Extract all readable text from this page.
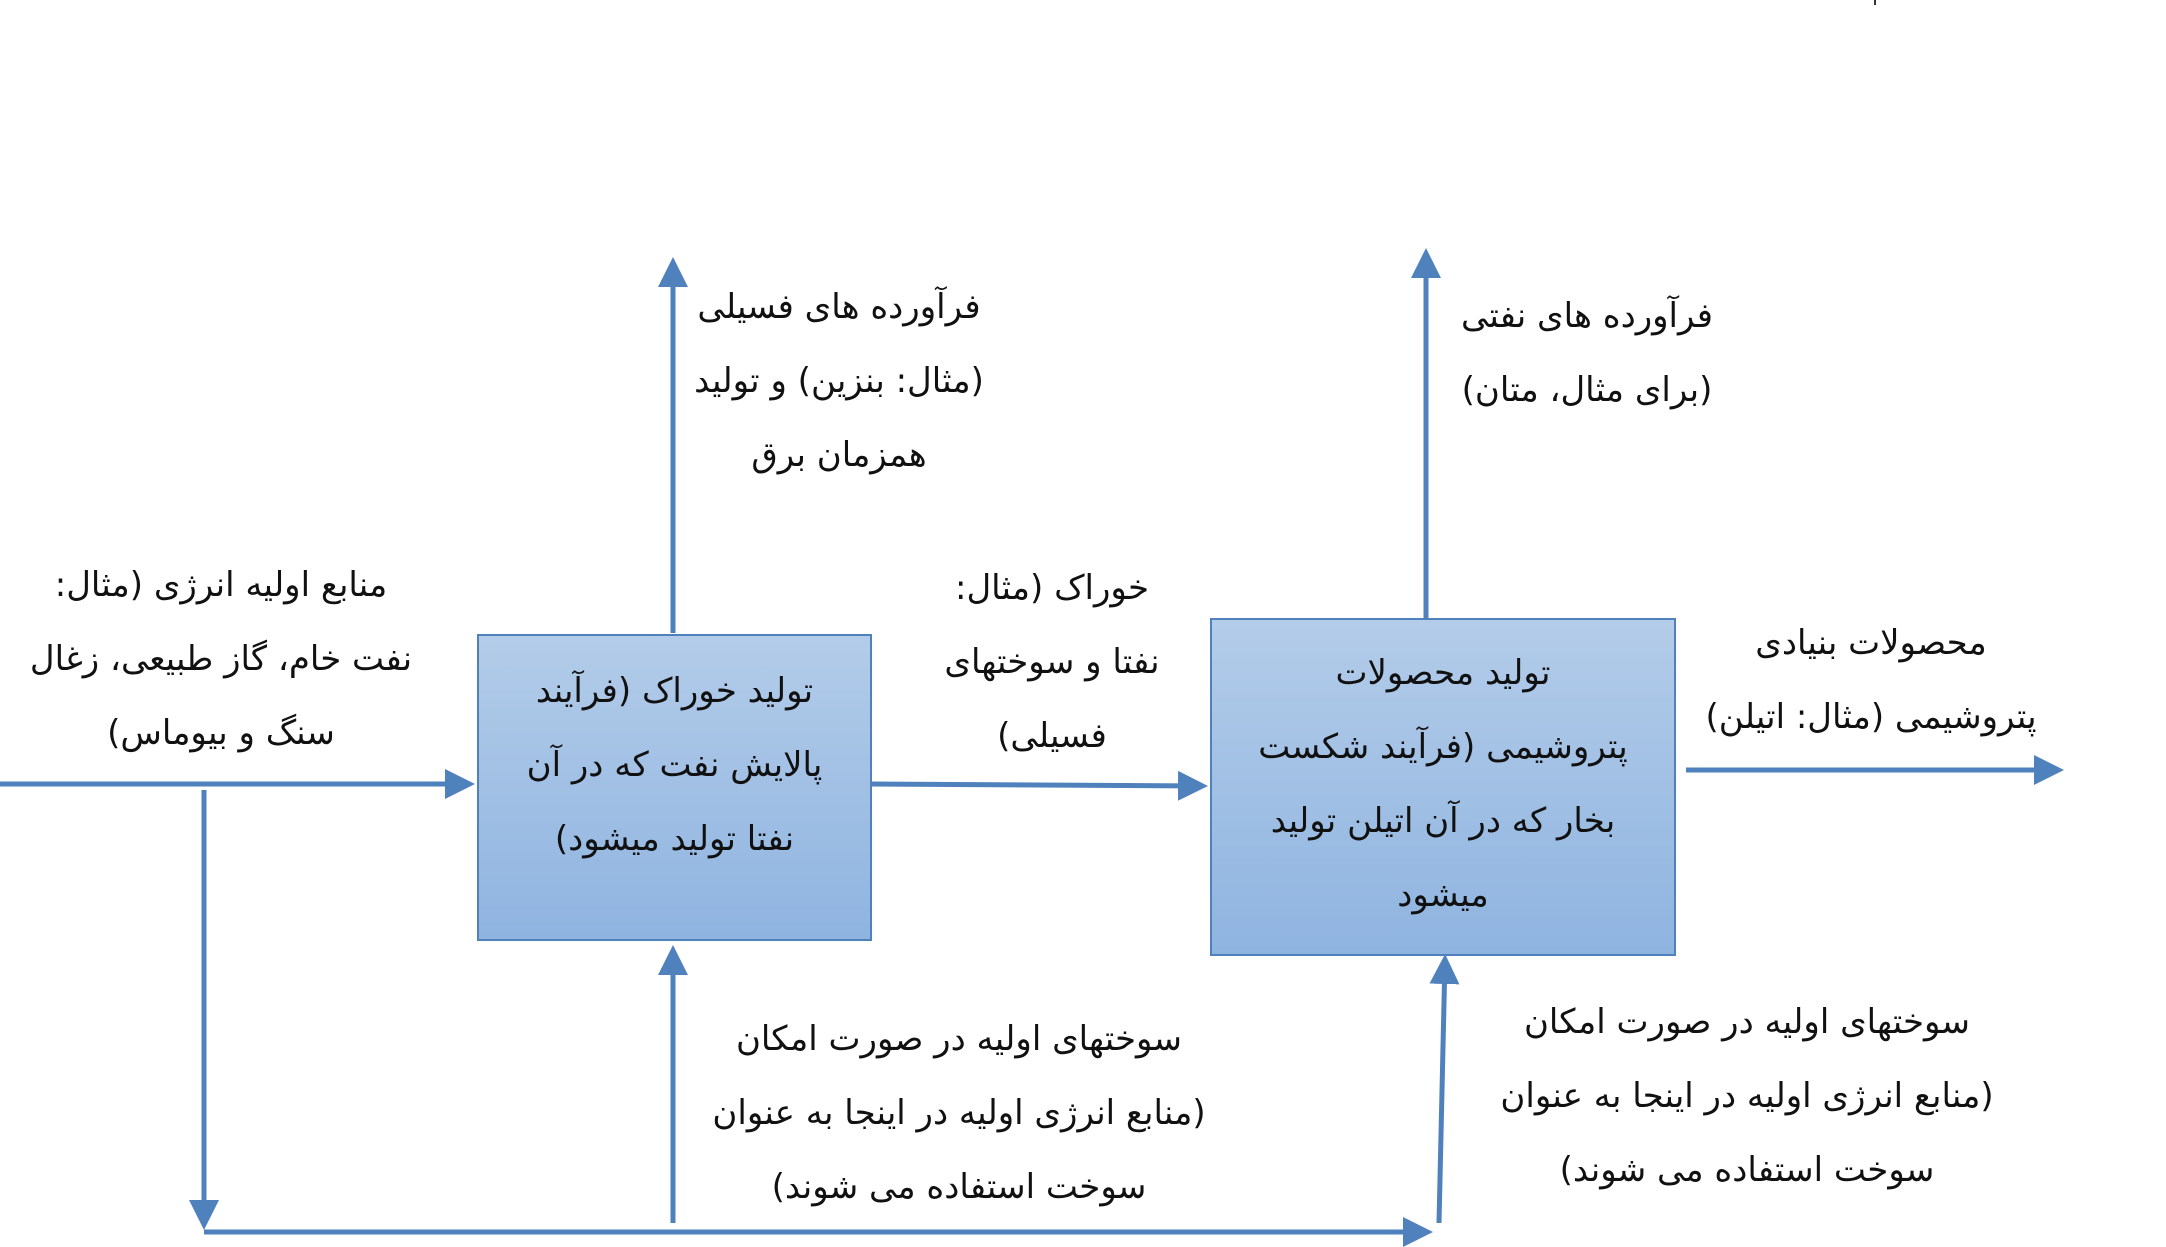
تولید خوراک (فرآیند
پالایش نفت که در آن
نفتا تولید میشود)
تولید محصولات
پتروشیمی (فرآیند شکست
بخار که در آن اتیلن تولید
میشود
منابع اولیه انرژی (مثال:
نفت خام، گاز طبیعی، زغال
سنگ و بیوماس)
فرآورده های فسیلی
(مثال: بنزین) و تولید
همزمان برق
خوراک (مثال:
نفتا و سوختهای
فسیلی)
فرآورده های نفتی
(برای مثال، متان)
محصولات بنیادی
پتروشیمی (مثال: اتیلن)
سوختهای اولیه در صورت امکان
(منابع انرژی اولیه در اینجا به عنوان
سوخت استفاده می شوند)
سوختهای اولیه در صورت امکان
(منابع انرژی اولیه در اینجا به عنوان
سوخت استفاده می شوند)
